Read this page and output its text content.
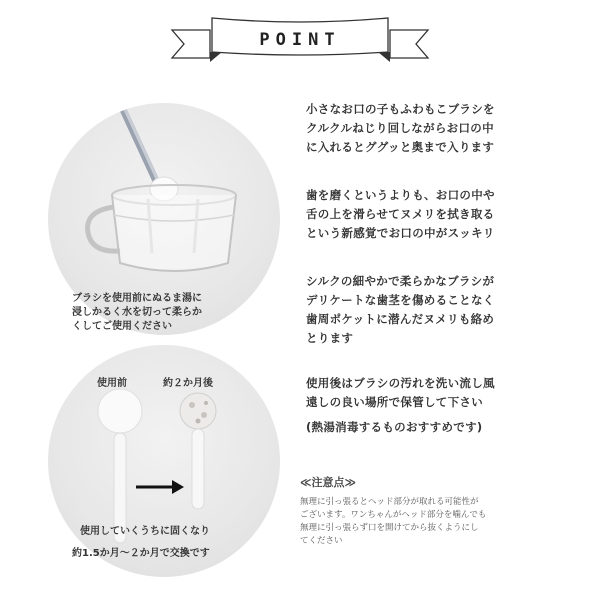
POINT
ブラシを使用前にぬるま湯に
浸しかるく水を切って柔らか
くしてご使用ください
使用前	約２か月後
使用していくうちに固くなり
約1.5か月～２か月で交換です
小さなお口の子もふわもこブラシを
クルクルねじり回しながらお口の中
に入れるとググッと奥まで入ります
歯を磨くというよりも、お口の中や
舌の上を滑らせてヌメリを拭き取る
という新感覚でお口の中がスッキリ
シルクの細やかで柔らかなブラシが
デリケートな歯茎を傷めることなく
歯周ポケットに潜んだヌメリも絡め
とります
使用後はブラシの汚れを洗い流し風
遠しの良い場所で保管して下さい
(熱湯消毒するものおすすめです)
≪注意点≫
無理に引っ張るとヘッド部分が取れる可能性が
ございます。ワンちゃんがヘッド部分を噛んでも
無理に引っ張らず口を開けてから抜くようにし
てください
